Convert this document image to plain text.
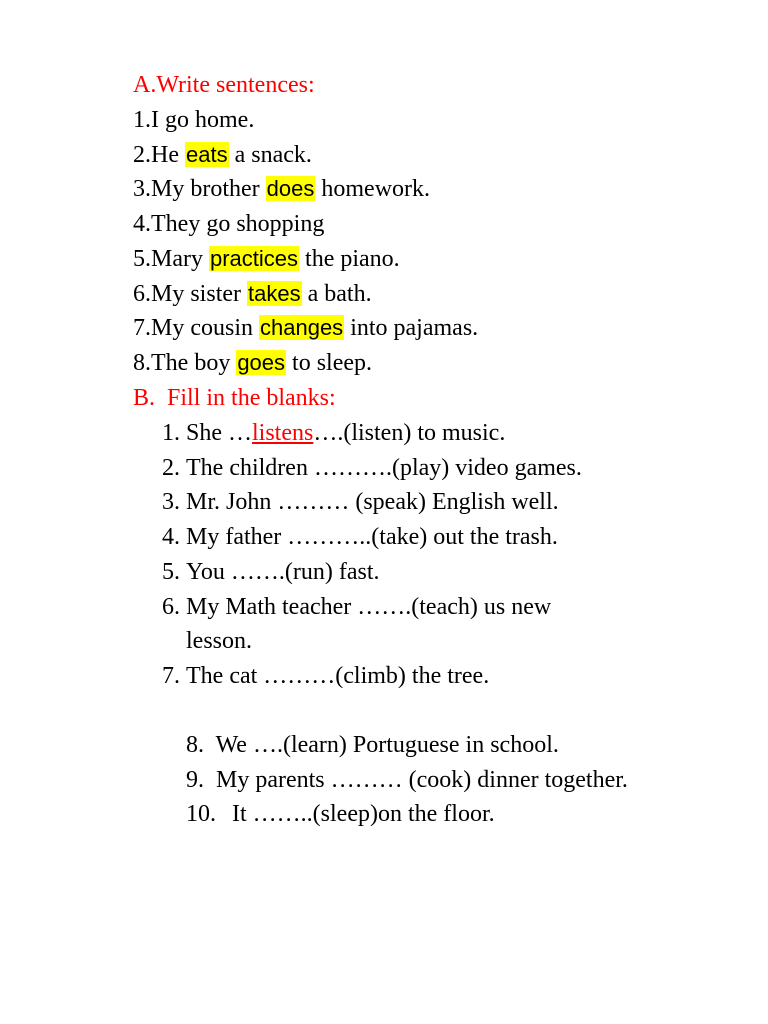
A.Write sentences:
1.I go home.
2.He eats a snack.
3.My brother does homework.
4.They go shopping
5.Mary practices the piano.
6.My sister takes a bath.
7.My cousin changes into pajamas.
8.The boy goes to sleep.
B.  Fill in the blanks:
1. She …listens….(listen) to music.
2. The children ……….(play) video games.
3. Mr. John ……… (speak) English well.
4. My father ………..(take) out the trash.
5. You …….(run) fast.
6. My Math teacher …….(teach) us new
lesson.
7. The cat ………(climb) the tree.

8. We ….(learn) Portuguese in school.

9. My parents ……… (cook) dinner together.

10. It ……..(sleep)on the floor.
